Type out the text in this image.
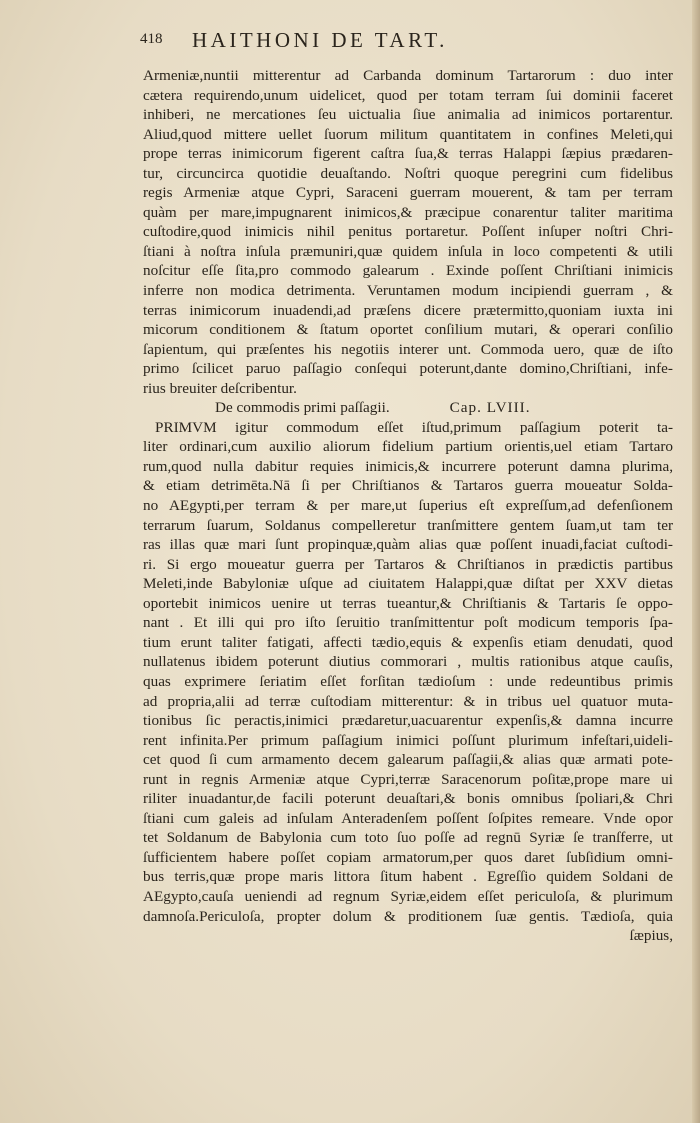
418 HAITHONI DE TART.
Armeniæ,nuntii mitterentur ad Carbanda dominum Tartarorum : duo inter
cætera requirendo,unum uidelicet, quod per totam terram ſui dominii faceret
inhiberi, ne mercationes ſeu uictualia ſiue animalia ad inimicos portarentur.
Aliud,quod mittere uellet ſuorum militum quantitatem in confines Meleti,qui
prope terras inimicorum figerent caſtra ſua,& terras Halappi ſæpius prædaren-
tur, circuncirca quotidie deuaſtando. Noſtri quoque peregrini cum fidelibus
regis Armeniæ atque Cypri, Saraceni guerram mouerent, & tam per terram
quàm per mare,impugnarent inimicos,& præcipue conarentur taliter maritima
cuſtodire,quod inimicis nihil penitus portaretur. Poſſent inſuper noſtri Chri-
ſtiani à noſtra inſula præmuniri,quæ quidem inſula in loco competenti & utili
noſcitur eſſe ſita,pro commodo galearum . Exinde poſſent Chriſtiani inimicis
inferre non modica detrimenta. Veruntamen modum incipiendi guerram , &
terras inimicorum inuadendi,ad præſens dicere prætermitto,quoniam iuxta ini
micorum conditionem & ſtatum oportet conſilium mutari, & operari conſilio
ſapientum, qui præſentes his negotiis interer unt. Commoda uero, quæ de iſto
primo ſcilicet paruo paſſagio conſequi poterunt,dante domino,Chriſtiani, infe-
rius breuiter deſcribentur.
De commodis primi paſſagii.	Cap. LVIII.
PRIMVM igitur commodum eſſet iſtud,primum paſſagium poterit ta-
liter ordinari,cum auxilio aliorum fidelium partium orientis,uel etiam Tartaro
rum,quod nulla dabitur requies inimicis,& incurrere poterunt damna plurima,
& etiam detrimēta.Nā ſi per Chriſtianos & Tartaros guerra moueatur Solda-
no AEgypti,per terram & per mare,ut ſuperius eſt expreſſum,ad defenſionem
terrarum ſuarum, Soldanus compelleretur tranſmittere gentem ſuam,ut tam ter
ras illas quæ mari ſunt propinquæ,quàm alias quæ poſſent inuadi,faciat cuſtodi-
ri. Si ergo moueatur guerra per Tartaros & Chriſtianos in prædictis partibus
Meleti,inde Babyloniæ uſque ad ciuitatem Halappi,quæ diſtat per XXV dietas
oportebit inimicos uenire ut terras tueantur,& Chriſtianis & Tartaris ſe oppo-
nant . Et illi qui pro iſto ſeruitio tranſmittentur poſt modicum temporis ſpa-
tium erunt taliter fatigati, affecti tædio,equis & expenſis etiam denudati, quod
nullatenus ibidem poterunt diutius commorari , multis rationibus atque cauſis,
quas exprimere ſeriatim eſſet forſitan tædioſum : unde redeuntibus primis
ad propria,alii ad terræ cuſtodiam mitterentur: & in tribus uel quatuor muta-
tionibus ſic peractis,inimici prædaretur,uacuarentur expenſis,& damna incurre
rent infinita.Per primum paſſagium inimici poſſunt plurimum infeſtari,uideli-
cet quod ſi cum armamento decem galearum paſſagii,& alias quæ armati pote-
runt in regnis Armeniæ atque Cypri,terræ Saracenorum poſitæ,prope mare ui
riliter inuadantur,de facili poterunt deuaſtari,& bonis omnibus ſpoliari,& Chri
ſtiani cum galeis ad inſulam Anteradenſem poſſent ſoſpites remeare. Vnde opor
tet Soldanum de Babylonia cum toto ſuo poſſe ad regnū Syriæ ſe tranſferre, ut
ſufficientem habere poſſet copiam armatorum,per quos daret ſubſidium omni-
bus terris,quæ prope maris littora ſitum habent . Egreſſio quidem Soldani de
AEgypto,cauſa ueniendi ad regnum Syriæ,eidem eſſet periculoſa, & plurimum
damnoſa.Periculoſa, propter dolum & proditionem ſuæ gentis. Tædioſa, quia
ſæpius,
